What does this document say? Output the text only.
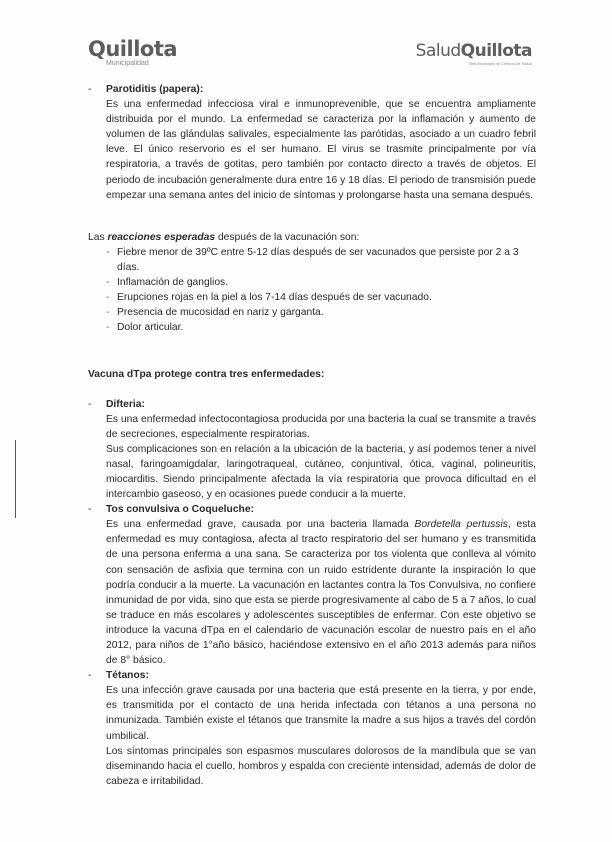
Quillota
Municipalidad
SaludQuillota
Red Municipal de Centros de Salud
- Parotiditis (papera):

Es una enfermedad infecciosa viral e inmunoprevenible, que se encuentra ampliamente distribuida por el mundo. La enfermedad se caracteriza por la inflamación y aumento de volumen de las glándulas salivales, especialmente las parótidas, asociado a un cuadro febril leve. El único reservorio es el ser humano. El virus se trasmite principalmente por vía respiratoria, a través de gotitas, pero también por contacto directo a través de objetos. El periodo de incubación generalmente dura entre 16 y 18 días. El periodo de transmisión puede empezar una semana antes del inicio de síntomas y prolongarse hasta una semana después.

Las reacciones esperadas después de la vacunación son:

- Fiebre menor de 39ºC entre 5-12 días después de ser vacunados que persiste por 2 a 3 días.
- Inflamación de ganglios.
- Erupciones rojas en la piel a los 7-14 días después de ser vacunado.
- Presencia de mucosidad en nariz y garganta.
- Dolor articular.

Vacuna dTpa protege contra tres enfermedades:

- Difteria:

Es una enfermedad infectocontagiosa producida por una bacteria la cual se transmite a través de secreciones, especialmente respiratorias.

Sus complicaciones son en relación a la ubicación de la bacteria, y así podemos tener a nivel nasal, faringoamigdalar, laringotraqueal, cutáneo, conjuntival, ótica, vaginal, polineuritis, miocarditis. Siendo principalmente afectada la vía respiratoria que provoca dificultad en el intercambio gaseoso, y en ocasiones puede conducir a la muerte.

- Tos convulsiva o Coqueluche:

Es una enfermedad grave, causada por una bacteria llamada Bordetella pertussis, esta enfermedad es muy contagiosa, afecta al tracto respiratorio del ser humano y es transmitida de una persona enferma a una sana. Se caracteriza por tos violenta que conlleva al vómito con sensación de asfixia que termina con un ruido estridente durante la inspiración lo que podría conducir a la muerte. La vacunación en lactantes contra la Tos Convulsiva, no confiere inmunidad de por vida, sino que esta se pierde progresivamente al cabo de 5 a 7 años, lo cual se traduce en más escolares y adolescentes susceptibles de enfermar. Con este objetivo se introduce la vacuna dTpa en el calendario de vacunación escolar de nuestro país en el año 2012, para niños de 1°año básico, haciéndose extensivo en el año 2013 además para niños de 8° básico.

- Tétanos:

Es una infección grave causada por una bacteria que está presente en la tierra, y por ende, es transmitida por el contacto de una herida infectada con tétanos a una persona no inmunizada. También existe el tétanos que transmite la madre a sus hijos a través del cordón umbilical.

Los síntomas principales son espasmos musculares dolorosos de la mandíbula que se van diseminando hacia el cuello, hombros y espalda con creciente intensidad, además de dolor de cabeza e irritabilidad.
